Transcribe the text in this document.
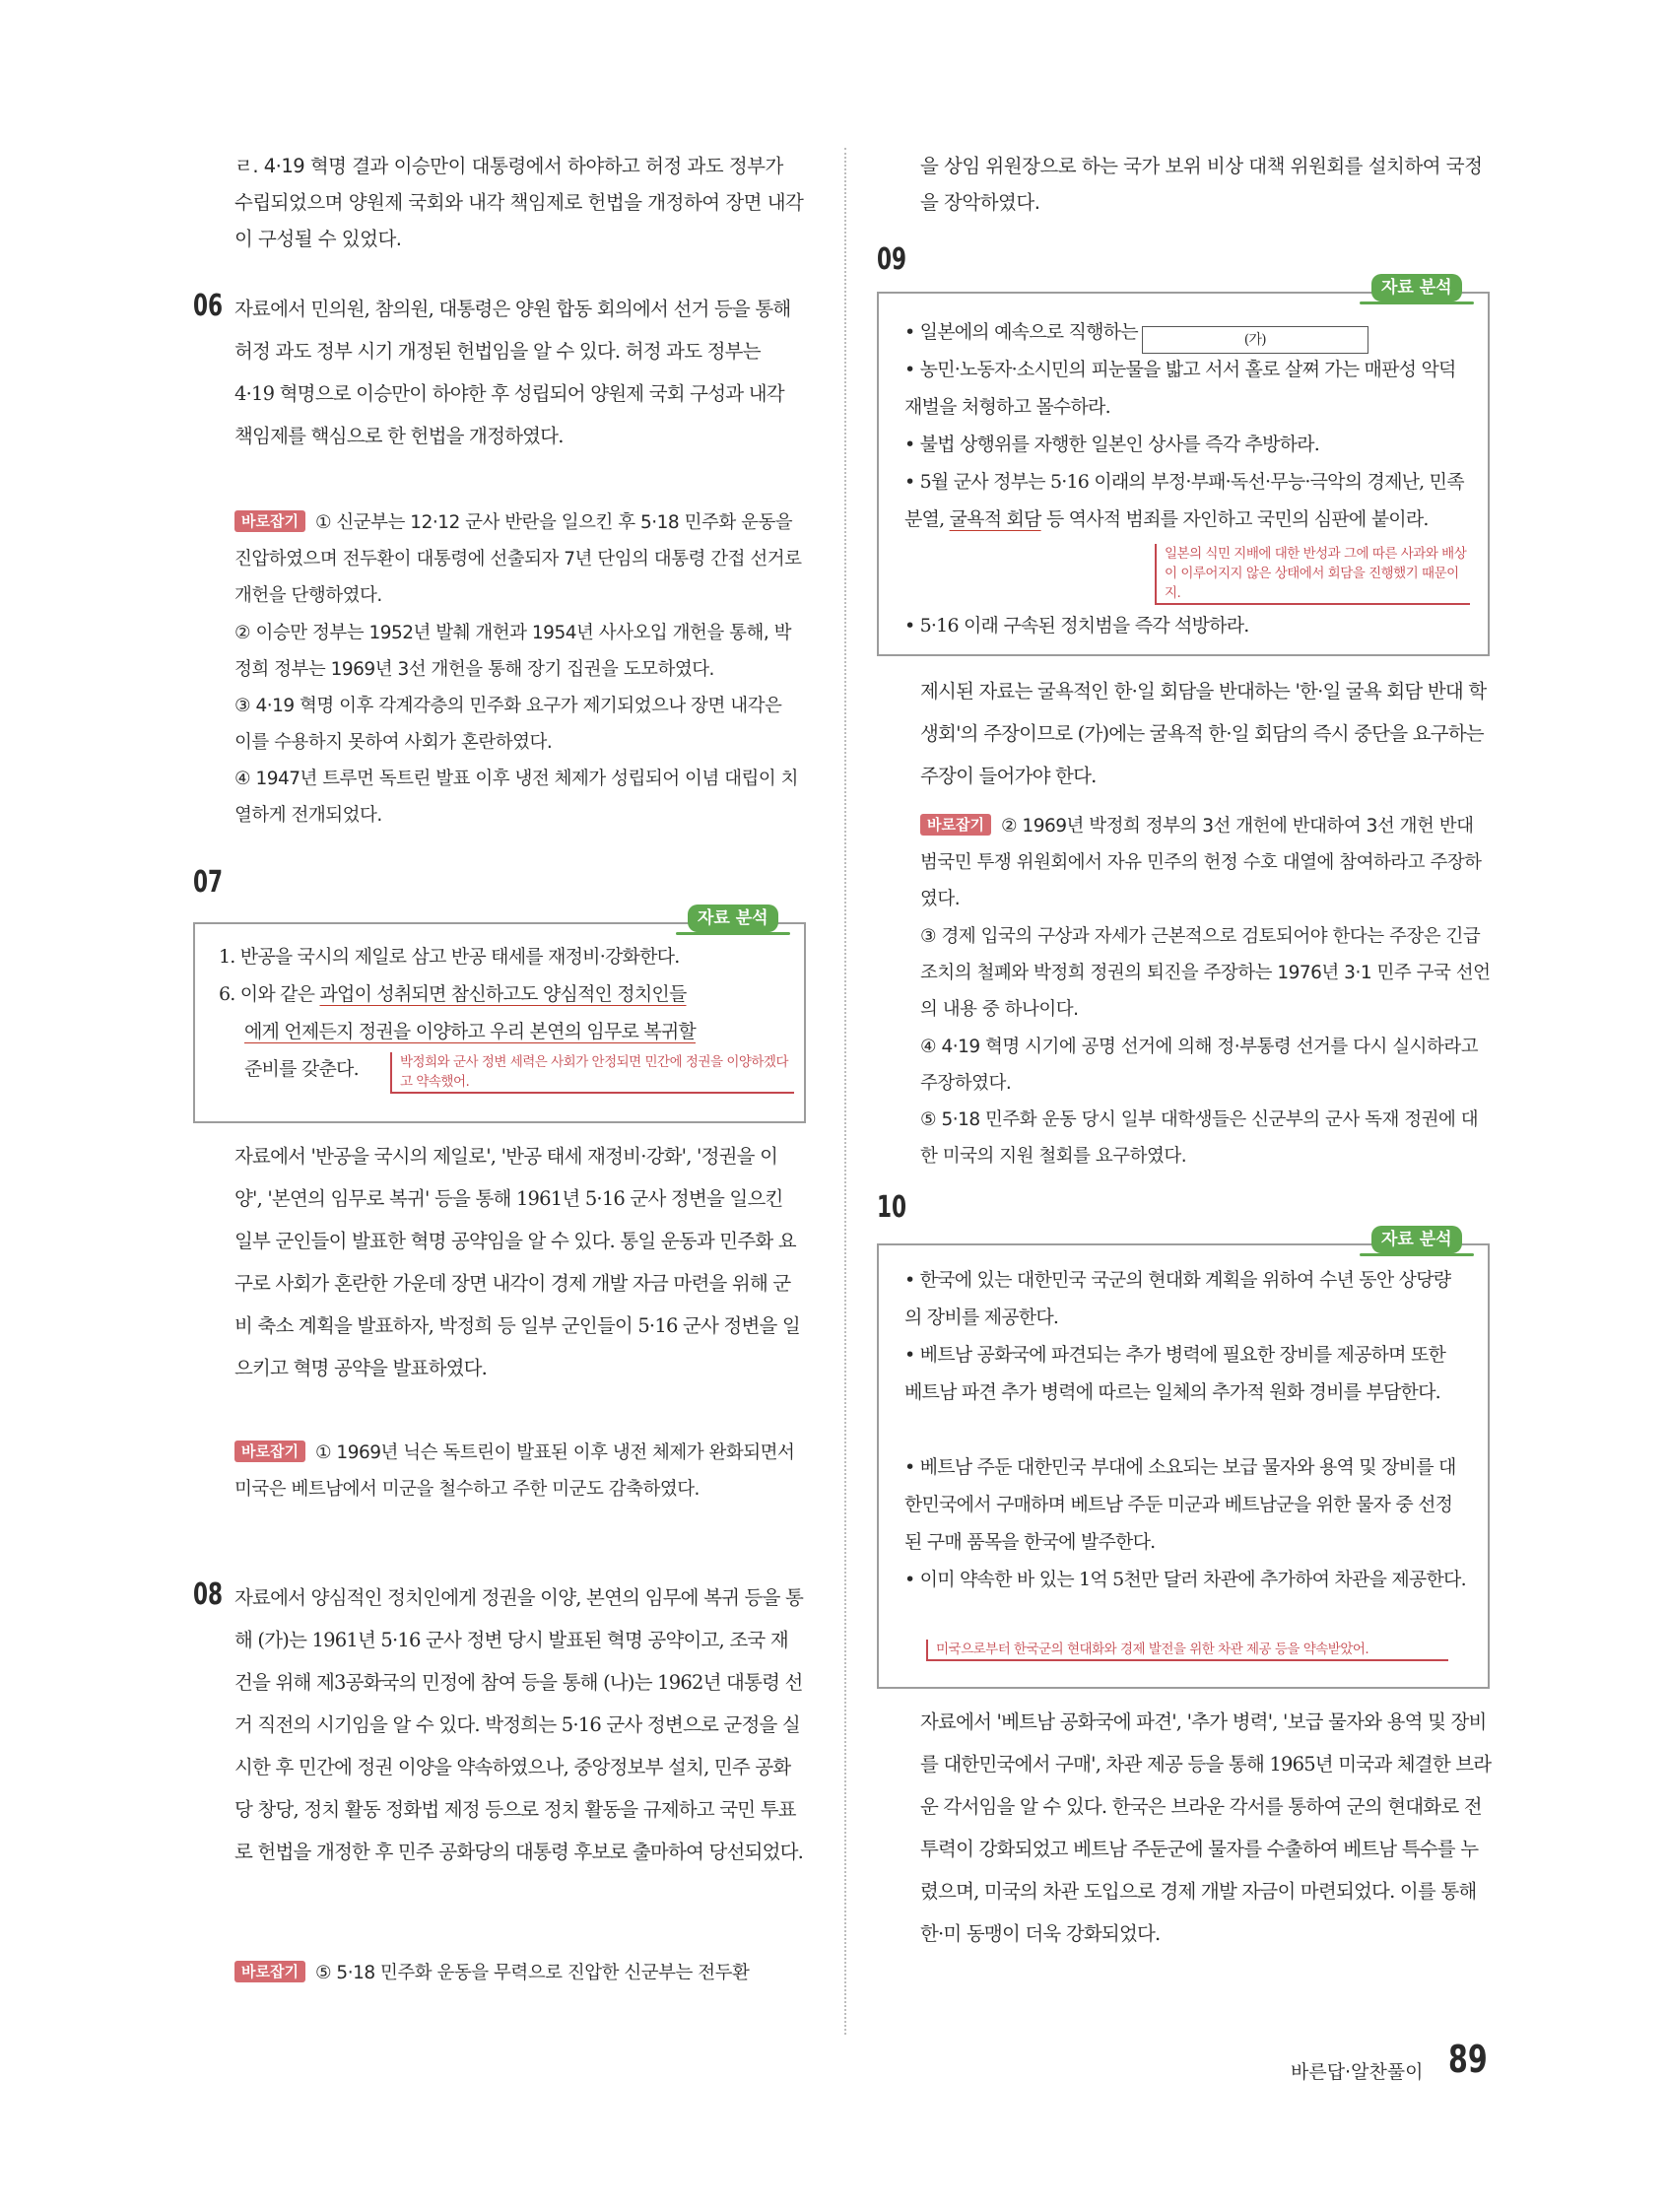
ㄹ. 4·19 혁명 결과 이승만이 대통령에서 하야하고 허정 과도 정부가 수립되었으며 양원제 국회와 내각 책임제로 헌법을 개정하여 장면 내각이 구성될 수 있었다.

06 자료에서 민의원, 참의원, 대통령은 양원 합동 회의에서 선거 등을 통해 허정 과도 정부 시기 개정된 헌법임을 알 수 있다. 허정 과도 정부는 4·19 혁명으로 이승만이 하야한 후 성립되어 양원제 국회 구성과 내각 책임제를 핵심으로 한 헌법을 개정하였다.

바로잡기 ① 신군부는 12·12 군사 반란을 일으킨 후 5·18 민주화 운동을 진압하였으며 전두환이 대통령에 선출되자 7년 단임의 대통령 간접 선거로 개헌을 단행하였다.

② 이승만 정부는 1952년 발췌 개헌과 1954년 사사오입 개헌을 통해, 박정희 정부는 1969년 3선 개헌을 통해 장기 집권을 도모하였다.

③ 4·19 혁명 이후 각계각층의 민주화 요구가 제기되었으나 장면 내각은 이를 수용하지 못하여 사회가 혼란하였다.

④ 1947년 트루먼 독트린 발표 이후 냉전 체제가 성립되어 이념 대립이 치열하게 전개되었다.

07
자료 분석

1. 반공을 국시의 제일로 삼고 반공 태세를 재정비·강화한다.

6. 이와 같은 과업이 성취되면 참신하고도 양심적인 정치인들

에게 언제든지 정권을 이양하고 우리 본연의 임무로 복귀할

준비를 갖춘다.	박정희와 군사 정변 세력은 사회가 안정되면 민간에 정권을 이양하겠다고 약속했어.

자료에서 '반공을 국시의 제일로', '반공 태세 재정비·강화', '정권을 이양', '본연의 임무로 복귀' 등을 통해 1961년 5·16 군사 정변을 일으킨 일부 군인들이 발표한 혁명 공약임을 알 수 있다. 통일 운동과 민주화 요구로 사회가 혼란한 가운데 장면 내각이 경제 개발 자금 마련을 위해 군비 축소 계획을 발표하자, 박정희 등 일부 군인들이 5·16 군사 정변을 일으키고 혁명 공약을 발표하였다.

바로잡기 ① 1969년 닉슨 독트린이 발표된 이후 냉전 체제가 완화되면서 미국은 베트남에서 미군을 철수하고 주한 미군도 감축하였다.

08 자료에서 양심적인 정치인에게 정권을 이양, 본연의 임무에 복귀 등을 통해 (가)는 1961년 5·16 군사 정변 당시 발표된 혁명 공약이고, 조국 재건을 위해 제3공화국의 민정에 참여 등을 통해 (나)는 1962년 대통령 선거 직전의 시기임을 알 수 있다. 박정희는 5·16 군사 정변으로 군정을 실시한 후 민간에 정권 이양을 약속하였으나, 중앙정보부 설치, 민주 공화당 창당, 정치 활동 정화법 제정 등으로 정치 활동을 규제하고 국민 투표로 헌법을 개정한 후 민주 공화당의 대통령 후보로 출마하여 당선되었다.

바로잡기 ⑤ 5·18 민주화 운동을 무력으로 진압한 신군부는 전두환

을 상임 위원장으로 하는 국가 보위 비상 대책 위원회를 설치하여 국정을 장악하였다.

09
자료 분석

• 일본에의 예속으로 직행하는	(가)

• 농민·노동자·소시민의 피눈물을 밟고 서서 홀로 살쪄 가는 매판성 악덕 재벌을 처형하고 몰수하라.

• 불법 상행위를 자행한 일본인 상사를 즉각 추방하라.

• 5월 군사 정부는 5·16 이래의 부정·부패·독선·무능·극악의 경제난, 민족 분열, 굴욕적 회담 등 역사적 범죄를 자인하고 국민의 심판에 붙이라.

일본의 식민 지배에 대한 반성과 그에 따른 사과와 배상이 이루어지지 않은 상태에서 회담을 진행했기 때문이지.

• 5·16 이래 구속된 정치범을 즉각 석방하라.

제시된 자료는 굴욕적인 한·일 회담을 반대하는 '한·일 굴욕 회담 반대 학생회'의 주장이므로 (가)에는 굴욕적 한·일 회담의 즉시 중단을 요구하는 주장이 들어가야 한다.

바로잡기 ② 1969년 박정희 정부의 3선 개헌에 반대하여 3선 개헌 반대 범국민 투쟁 위원회에서 자유 민주의 헌정 수호 대열에 참여하라고 주장하였다.

③ 경제 입국의 구상과 자세가 근본적으로 검토되어야 한다는 주장은 긴급 조치의 철폐와 박정희 정권의 퇴진을 주장하는 1976년 3·1 민주 구국 선언의 내용 중 하나이다.

④ 4·19 혁명 시기에 공명 선거에 의해 정·부통령 선거를 다시 실시하라고 주장하였다.

⑤ 5·18 민주화 운동 당시 일부 대학생들은 신군부의 군사 독재 정권에 대한 미국의 지원 철회를 요구하였다.

10
자료 분석

• 한국에 있는 대한민국 국군의 현대화 계획을 위하여 수년 동안 상당량의 장비를 제공한다.

• 베트남 공화국에 파견되는 추가 병력에 필요한 장비를 제공하며 또한 베트남 파견 추가 병력에 따르는 일체의 추가적 원화 경비를 부담한다.

• 베트남 주둔 대한민국 부대에 소요되는 보급 물자와 용역 및 장비를 대한민국에서 구매하며 베트남 주둔 미군과 베트남군을 위한 물자 중 선정된 구매 품목을 한국에 발주한다.

• 이미 약속한 바 있는 1억 5천만 달러 차관에 추가하여 차관을 제공한다.

미국으로부터 한국군의 현대화와 경제 발전을 위한 차관 제공 등을 약속받았어.

자료에서 '베트남 공화국에 파견', '추가 병력', '보급 물자와 용역 및 장비를 대한민국에서 구매', 차관 제공 등을 통해 1965년 미국과 체결한 브라운 각서임을 알 수 있다. 한국은 브라운 각서를 통하여 군의 현대화로 전투력이 강화되었고 베트남 주둔군에 물자를 수출하여 베트남 특수를 누렸으며, 미국의 차관 도입으로 경제 개발 자금이 마련되었다. 이를 통해 한·미 동맹이 더욱 강화되었다.

바른답·알찬풀이 89
